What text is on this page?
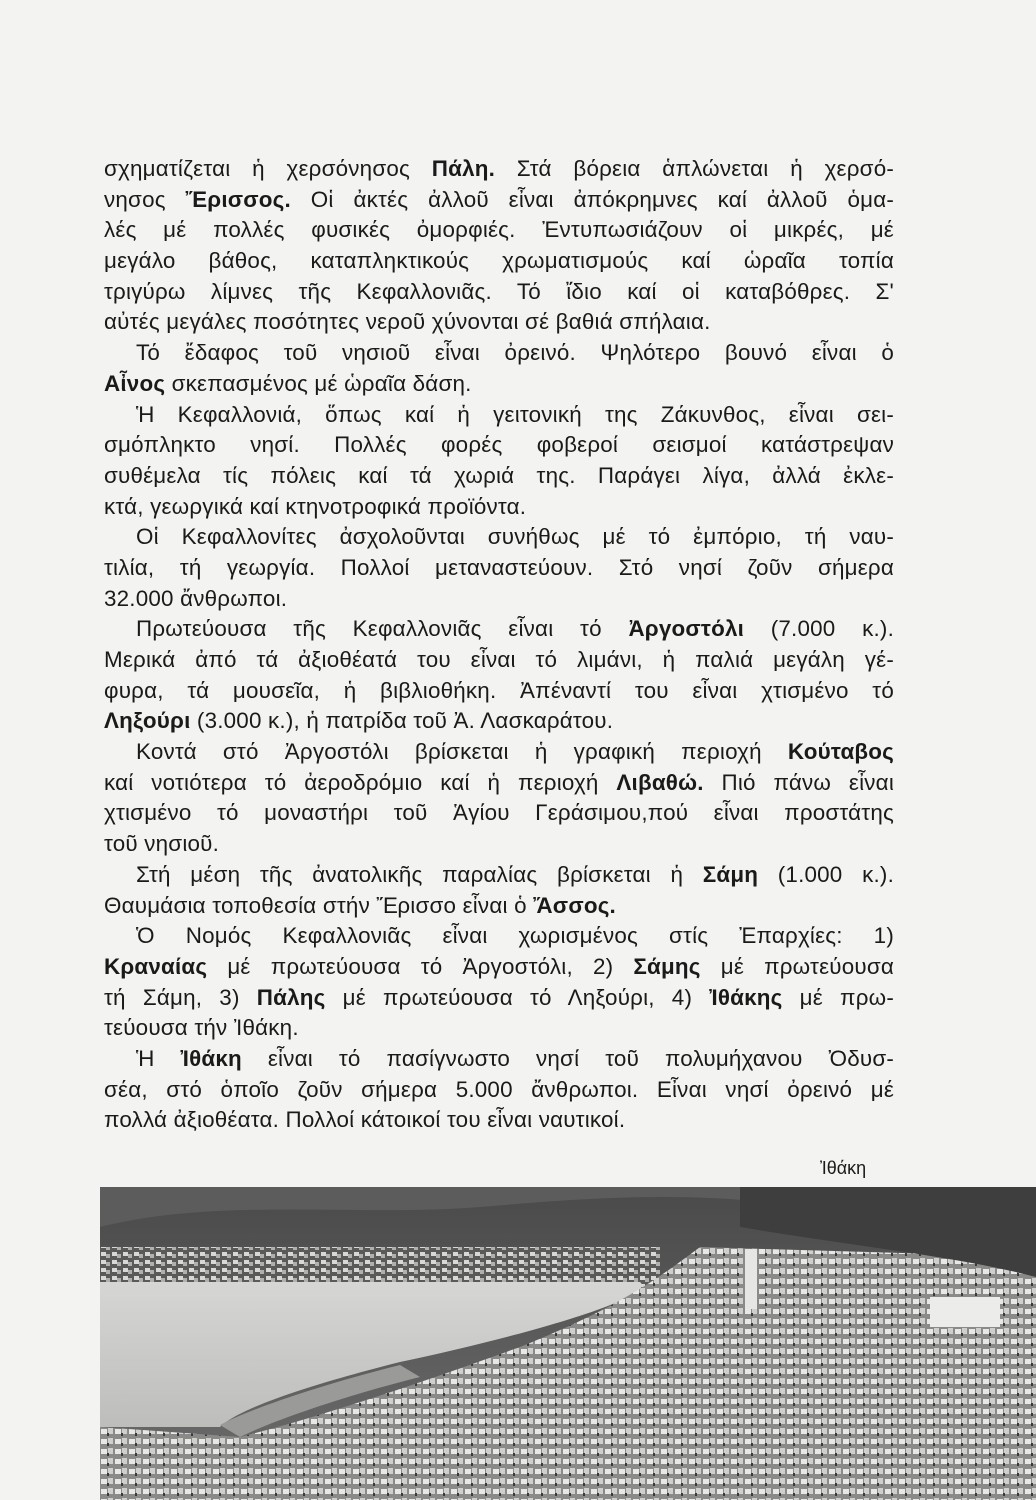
σχηματίζεται ἡ χερσόνησος Πάλη. Στά βόρεια ἁπλώνεται ἡ χερσό-
νησος Ἔρισσος. Οἱ ἀκτές ἀλλοῦ εἶναι ἀπόκρημνες καί ἀλλοῦ ὁμα-
λές μέ πολλές φυσικές ὀμορφιές. Ἐντυπωσιάζουν οἱ μικρές, μέ
μεγάλο βάθος, καταπληκτικούς χρωματισμούς καί ὡραῖα τοπία
τριγύρω λίμνες τῆς Κεφαλλονιᾶς. Τό ἴδιο καί οἱ καταβόθρες. Σ'
αὐτές μεγάλες ποσότητες νεροῦ χύνονται σέ βαθιά σπήλαια.
Τό ἔδαφος τοῦ νησιοῦ εἶναι ὀρεινό. Ψηλότερο βουνό εἶναι ὁ
Αἶνος σκεπασμένος μέ ὡραῖα δάση.
Ἡ Κεφαλλονιά, ὅπως καί ἡ γειτονική της Ζάκυνθος, εἶναι σει-
σμόπληκτο νησί. Πολλές φορές φοβεροί σεισμοί κατάστρεψαν
συθέμελα τίς πόλεις καί τά χωριά της. Παράγει λίγα, ἀλλά ἐκλε-
κτά, γεωργικά καί κτηνοτροφικά προϊόντα.
Οἱ Κεφαλλονίτες ἀσχολοῦνται συνήθως μέ τό ἐμπόριο, τή ναυ-
τιλία, τή γεωργία. Πολλοί μεταναστεύουν. Στό νησί ζοῦν σήμερα
32.000 ἄνθρωποι.
Πρωτεύουσα τῆς Κεφαλλονιᾶς εἶναι τό Ἀργοστόλι (7.000 κ.).
Μερικά ἀπό τά ἀξιοθέατά του εἶναι τό λιμάνι, ἡ παλιά μεγάλη γέ-
φυρα, τά μουσεῖα, ἡ βιβλιοθήκη. Ἀπέναντί του εἶναι χτισμένο τό
Ληξούρι (3.000 κ.), ἡ πατρίδα τοῦ Ἀ. Λασκαράτου.
Κοντά στό Ἀργοστόλι βρίσκεται ἡ γραφική περιοχή Κούταβος
καί νοτιότερα τό ἀεροδρόμιο καί ἡ περιοχή Λιβαθώ. Πιό πάνω εἶναι
χτισμένο τό μοναστήρι τοῦ Ἁγίου Γεράσιμου,πού εἶναι προστάτης
τοῦ νησιοῦ.
Στή μέση τῆς ἀνατολικῆς παραλίας βρίσκεται ἡ Σάμη (1.000 κ.).
Θαυμάσια τοποθεσία στήν Ἔρισσο εἶναι ὁ Ἄσσος.
Ὁ Νομός Κεφαλλονιᾶς εἶναι χωρισμένος στίς Ἐπαρχίες: 1)
Κραναίας μέ πρωτεύουσα τό Ἀργοστόλι, 2) Σάμης μέ πρωτεύουσα
τή Σάμη, 3) Πάλης μέ πρωτεύουσα τό Ληξούρι, 4) Ἰθάκης μέ πρω-
τεύουσα τήν Ἰθάκη.
Ἡ Ἰθάκη εἶναι τό πασίγνωστο νησί τοῦ πολυμήχανου Ὀδυσ-
σέα, στό ὁποῖο ζοῦν σήμερα 5.000 ἄνθρωποι. Εἶναι νησί ὀρεινό μέ
πολλά ἀξιοθέατα. Πολλοί κάτοικοί του εἶναι ναυτικοί.
Ἰθάκη
